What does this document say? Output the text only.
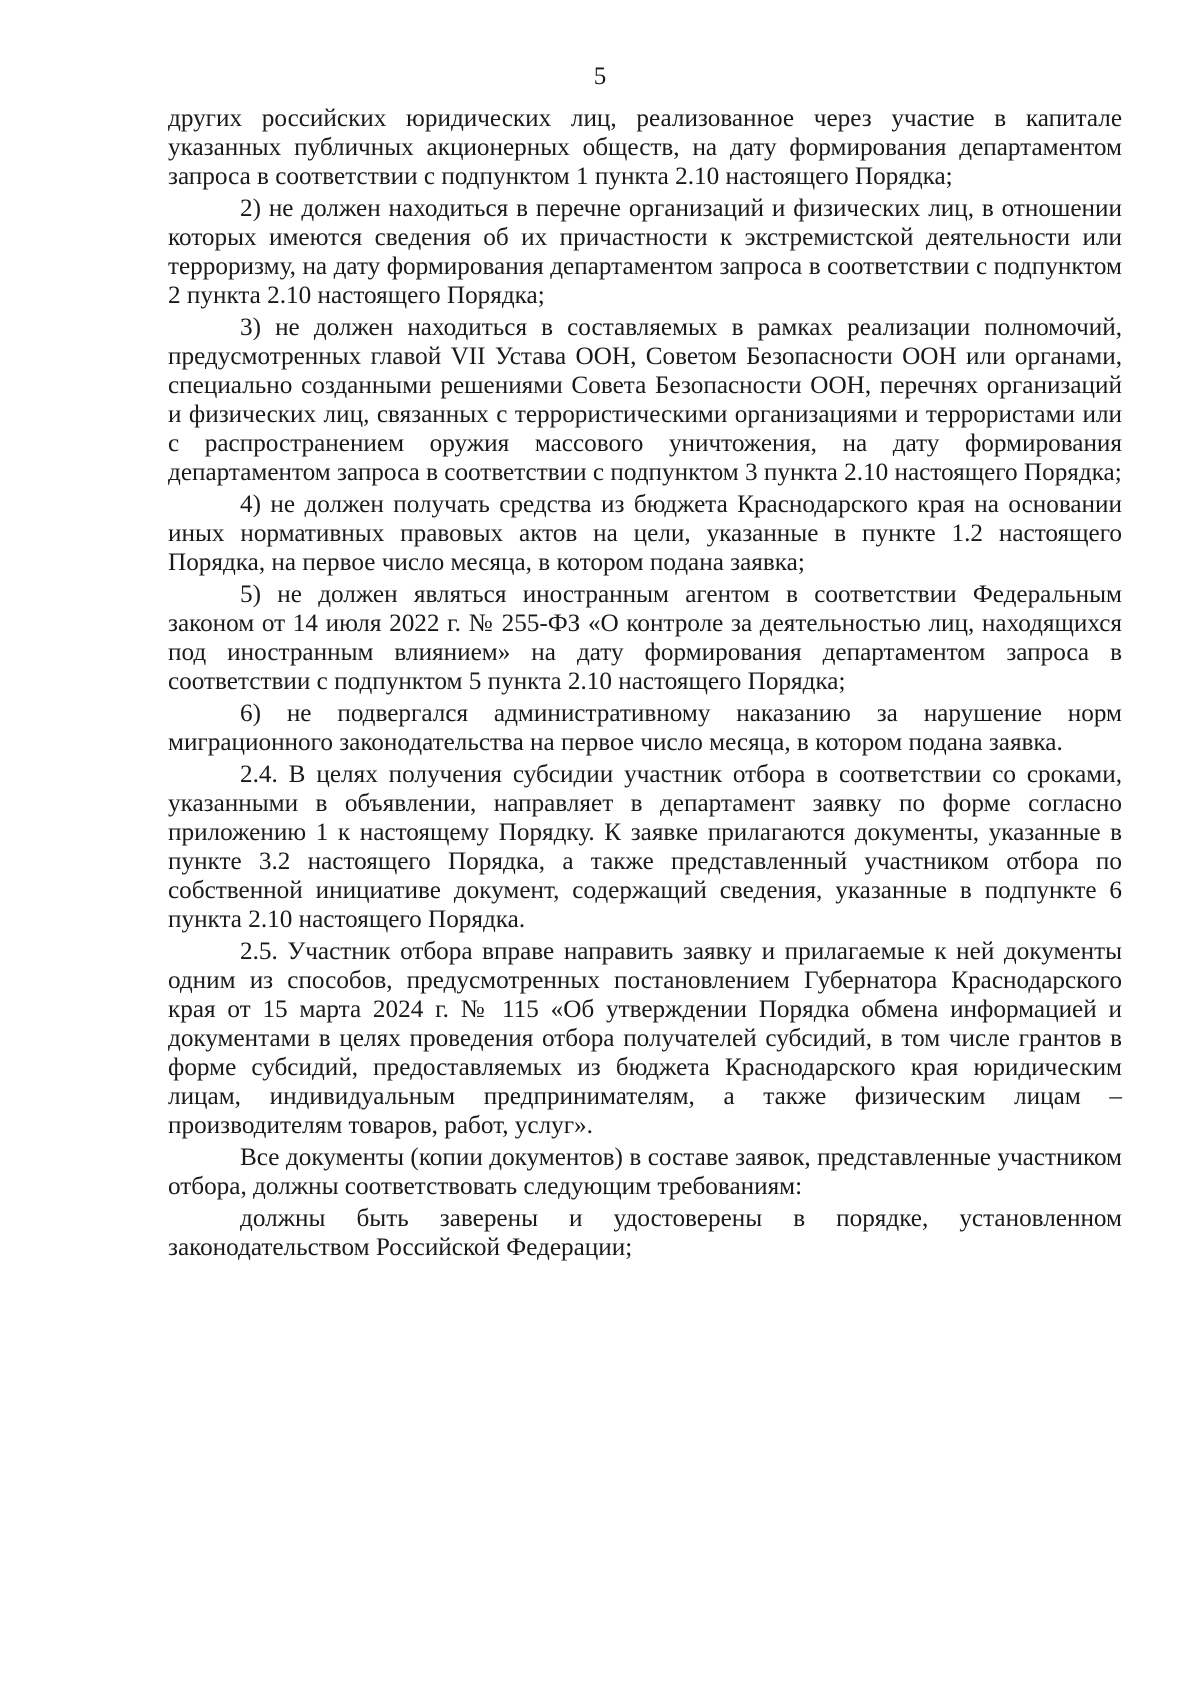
5

других российских юридических лиц, реализованное через участие в капитале указанных публичных акционерных обществ, на дату формирования департаментом запроса в соответствии с подпунктом 1 пункта 2.10 настоящего Порядка;

2) не должен находиться в перечне организаций и физических лиц, в отношении которых имеются сведения об их причастности к экстремистской деятельности или терроризму, на дату формирования департаментом запроса в соответствии с подпунктом 2 пункта 2.10 настоящего Порядка;

3) не должен находиться в составляемых в рамках реализации полномочий, предусмотренных главой VII Устава ООН, Советом Безопасности ООН или органами, специально созданными решениями Совета Безопасности ООН, перечнях организаций и физических лиц, связанных с террористическими организациями и террористами или с распространением оружия массового уничтожения, на дату формирования департаментом запроса в соответствии с подпунктом 3 пункта 2.10 настоящего Порядка;

4) не должен получать средства из бюджета Краснодарского края на основании иных нормативных правовых актов на цели, указанные в пункте 1.2 настоящего Порядка, на первое число месяца, в котором подана заявка;

5) не должен являться иностранным агентом в соответствии Федеральным законом от 14 июля 2022 г. № 255-ФЗ «О контроле за деятельностью лиц, находящихся под иностранным влиянием» на дату формирования департаментом запроса в соответствии с подпунктом 5 пункта 2.10 настоящего Порядка;

6) не подвергался административному наказанию за нарушение норм миграционного законодательства на первое число месяца, в котором подана заявка.

2.4. В целях получения субсидии участник отбора в соответствии со сроками, указанными в объявлении, направляет в департамент заявку по форме согласно приложению 1 к настоящему Порядку. К заявке прилагаются документы, указанные в пункте 3.2 настоящего Порядка, а также представленный участником отбора по собственной инициативе документ, содержащий сведения, указанные в подпункте 6 пункта 2.10 настоящего Порядка.

2.5. Участник отбора вправе направить заявку и прилагаемые к ней документы одним из способов, предусмотренных постановлением Губернатора Краснодарского края от 15 марта 2024 г. № 115 «Об утверждении Порядка обмена информацией и документами в целях проведения отбора получателей субсидий, в том числе грантов в форме субсидий, предоставляемых из бюджета Краснодарского края юридическим лицам, индивидуальным предпринимателям, а также физическим лицам – производителям товаров, работ, услуг».

Все документы (копии документов) в составе заявок, представленные участником отбора, должны соответствовать следующим требованиям:

должны быть заверены и удостоверены в порядке, установленном законодательством Российской Федерации;
